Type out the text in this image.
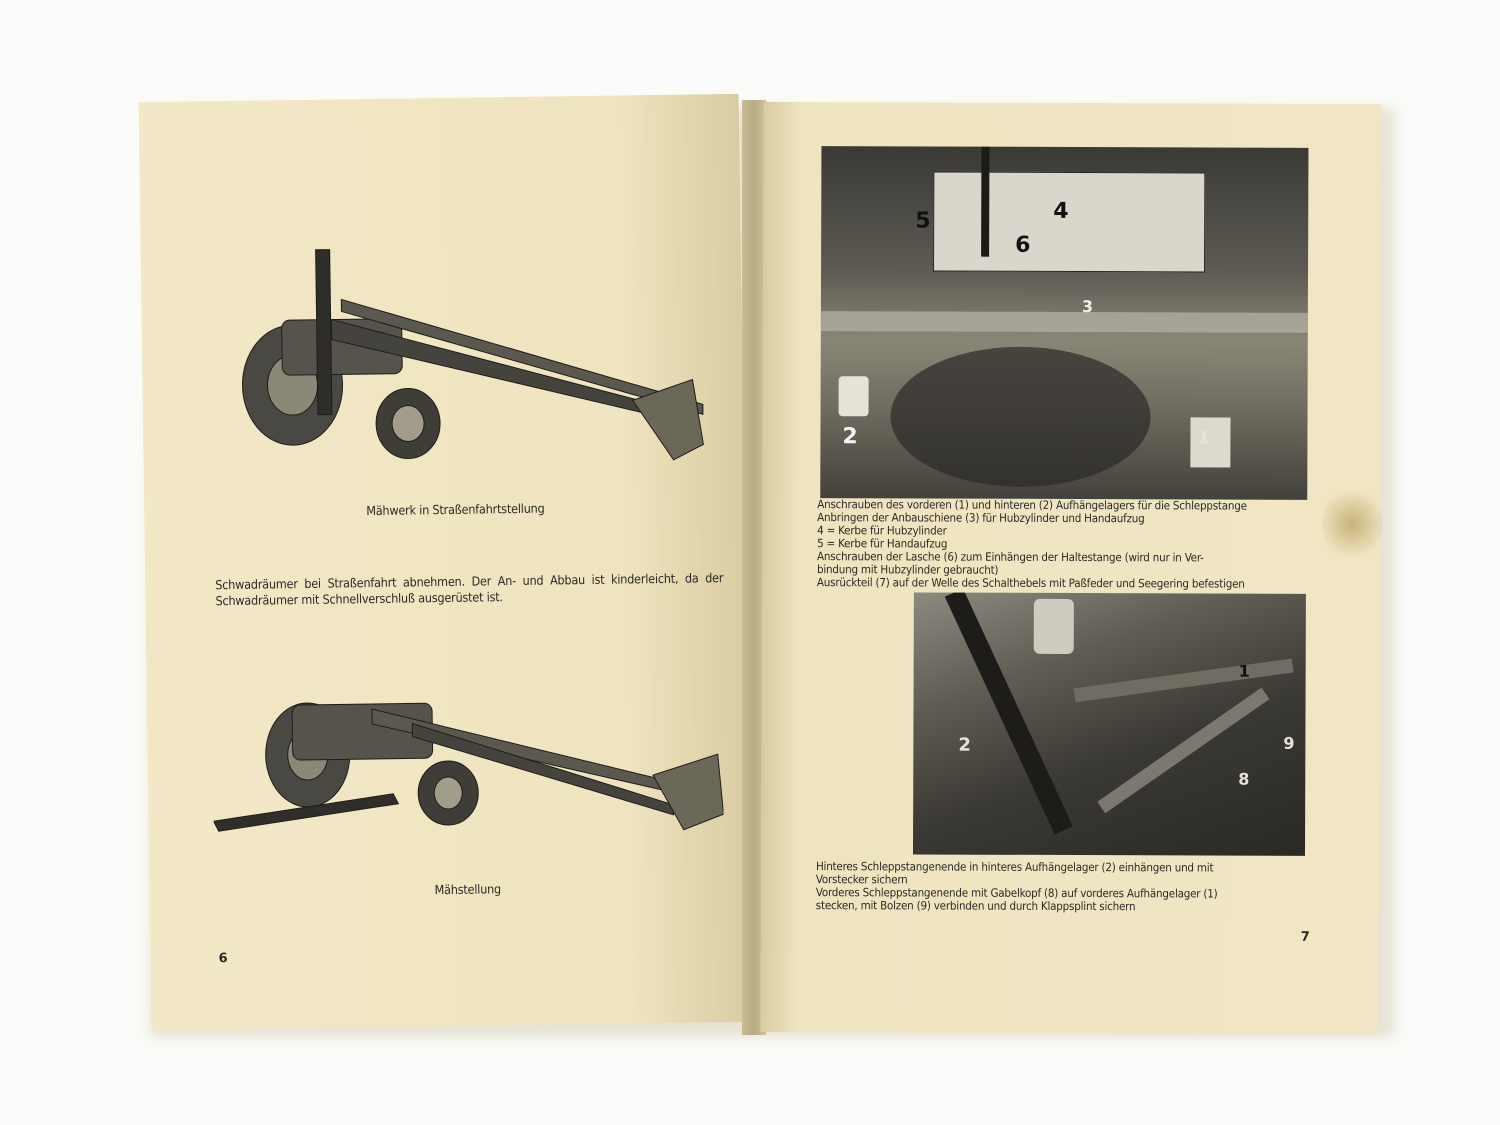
Mähwerk in Straßenfahrtstellung
Schwadräumer bei Straßenfahrt abnehmen. Der An- und Abbau ist kinderleicht, da der Schwadräumer mit Schnellverschluß ausgerüstet ist.
Mähstellung
6
5	4
6
3
2	1
Anschrauben des vorderen (1) und hinteren (2) Aufhängelagers für die Schleppstange
Anbringen der Anbauschiene (3) für Hubzylinder und Handaufzug
4 = Kerbe für Hubzylinder
5 = Kerbe für Handaufzug
Anschrauben der Lasche (6) zum Einhängen der Haltestange (wird nur in Ver-
bindung mit Hubzylinder gebraucht)
Ausrückteil (7) auf der Welle des Schalthebels mit Paßfeder und Seegering befestigen
1
2	9
8
Hinteres Schleppstangenende in hinteres Aufhängelager (2) einhängen und mit
Vorstecker sichern
Vorderes Schleppstangenende mit Gabelkopf (8) auf vorderes Aufhängelager (1)
stecken, mit Bolzen (9) verbinden und durch Klappsplint sichern
7
